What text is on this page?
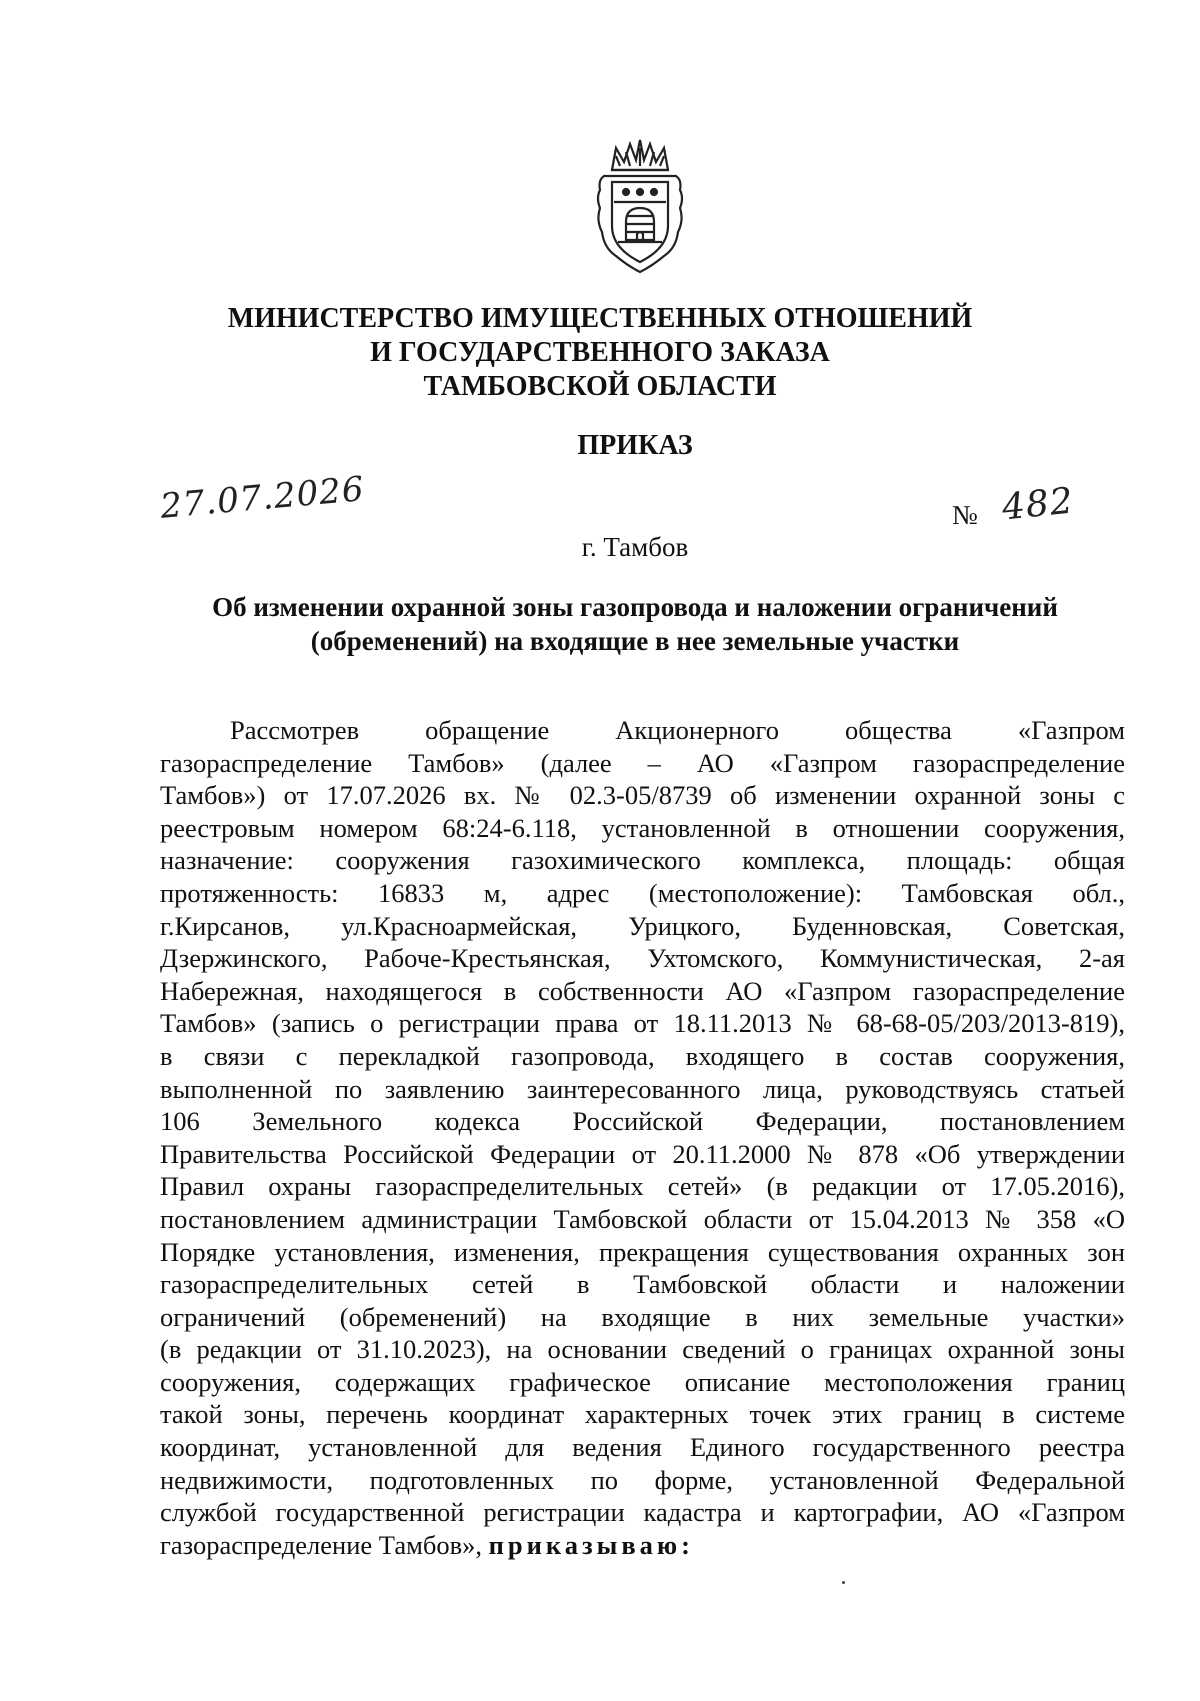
МИНИСТЕРСТВО ИМУЩЕСТВЕННЫХ ОТНОШЕНИЙ
И ГОСУДАРСТВЕННОГО ЗАКАЗА
ТАМБОВСКОЙ ОБЛАСТИ
ПРИКАЗ
27.07.2026	№ 482
г. Тамбов
Об изменении охранной зоны газопровода и наложении ограничений
(обременений) на входящие в нее земельные участки
Рассмотрев обращение Акционерного общества «Газпром
газораспределение Тамбов» (далее – АО «Газпром газораспределение
Тамбов») от 17.07.2026 вх. № 02.3-05/8739 об изменении охранной зоны с
реестровым номером 68:24-6.118, установленной в отношении сооружения,
назначение: сооружения газохимического комплекса, площадь: общая
протяженность: 16833 м, адрес (местоположение): Тамбовская обл.,
г.Кирсанов, ул.Красноармейская, Урицкого, Буденновская, Советская,
Дзержинского, Рабоче-Крестьянская, Ухтомского, Коммунистическая, 2-ая
Набережная, находящегося в собственности АО «Газпром газораспределение
Тамбов» (запись о регистрации права от 18.11.2013 № 68-68-05/203/2013-819),
в связи с перекладкой газопровода, входящего в состав сооружения,
выполненной по заявлению заинтересованного лица, руководствуясь статьей
106 Земельного кодекса Российской Федерации, постановлением
Правительства Российской Федерации от 20.11.2000 № 878 «Об утверждении
Правил охраны газораспределительных сетей» (в редакции от 17.05.2016),
постановлением администрации Тамбовской области от 15.04.2013 № 358 «О
Порядке установления, изменения, прекращения существования охранных зон
газораспределительных сетей в Тамбовской области и наложении
ограничений (обременений) на входящие в них земельные участки»
(в редакции от 31.10.2023), на основании сведений о границах охранной зоны
сооружения, содержащих графическое описание местоположения границ
такой зоны, перечень координат характерных точек этих границ в системе
координат, установленной для ведения Единого государственного реестра
недвижимости, подготовленных по форме, установленной Федеральной
службой государственной регистрации кадастра и картографии, АО «Газпром
газораспределение Тамбов», приказываю:
